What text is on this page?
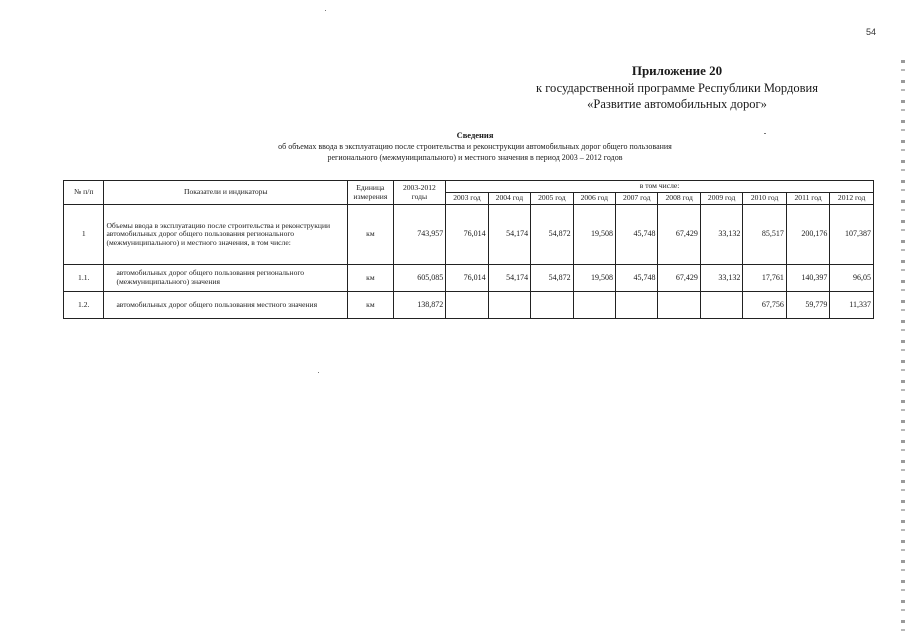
54
Приложение 20
к государственной программе Республики Мордовия
«Развитие автомобильных дорог»
Сведения
об объемах ввода в эксплуатацию после строительства и реконструкции автомобильных дорог общего пользования
регионального (межмуниципального) и местного значения в период 2003 – 2012 годов
№ п/п	Показатели и индикаторы	Единица измерения	2003-2012 годы	в том числе:									
				2003 год	2004 год	2005 год	2006 год	2007 год	2008 год	2009 год	2010 год	2011 год	2012 год
1	Объемы ввода в эксплуатацию после строительства и реконструкции автомобильных дорог общего пользования регионального (межмуниципального) и местного значения, в том числе:	км	743,957	76,014	54,174	54,872	19,508	45,748	67,429	33,132	85,517	200,176	107,387
1.1.	автомобильных дорог общего пользования регионального (межмуниципального) значения	км	605,085	76,014	54,174	54,872	19,508	45,748	67,429	33,132	17,761	140,397	96,05
1.2.	автомобильных дорог общего пользования местного значения	км	138,872								67,756	59,779	11,337
